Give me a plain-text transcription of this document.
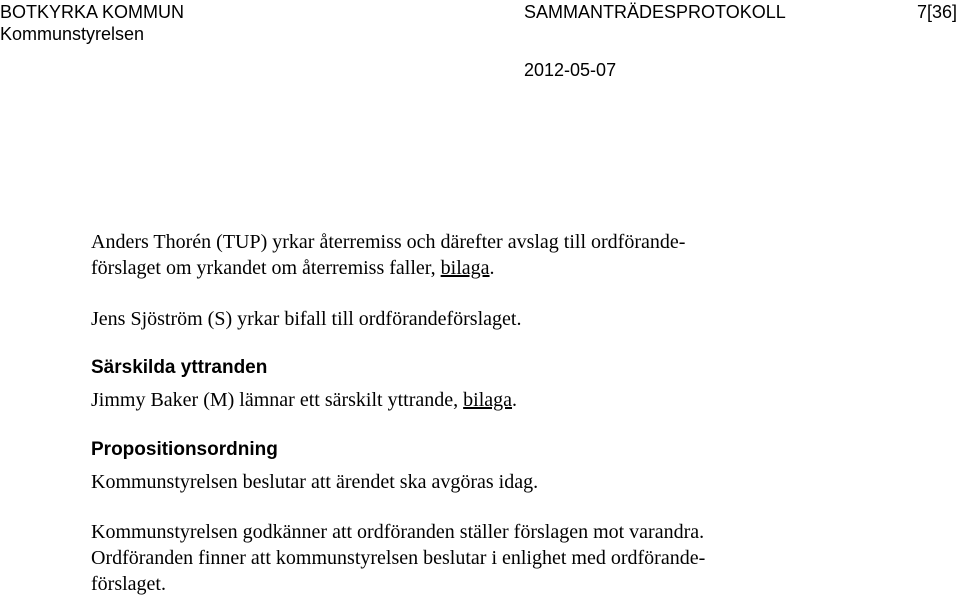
BOTKYRKA KOMMUN
Kommunstyrelsen
SAMMANTRÄDESPROTOKOLL	7[36]
2012-05-07
Anders Thorén (TUP) yrkar återremiss och därefter avslag till ordförande-
förslaget om yrkandet om återremiss faller, bilaga.
Jens Sjöström (S) yrkar bifall till ordförandeförslaget.
Särskilda yttranden
Jimmy Baker (M) lämnar ett särskilt yttrande, bilaga.
Propositionsordning
Kommunstyrelsen beslutar att ärendet ska avgöras idag.
Kommunstyrelsen godkänner att ordföranden ställer förslagen mot varandra.
Ordföranden finner att kommunstyrelsen beslutar i enlighet med ordförande-
förslaget.
